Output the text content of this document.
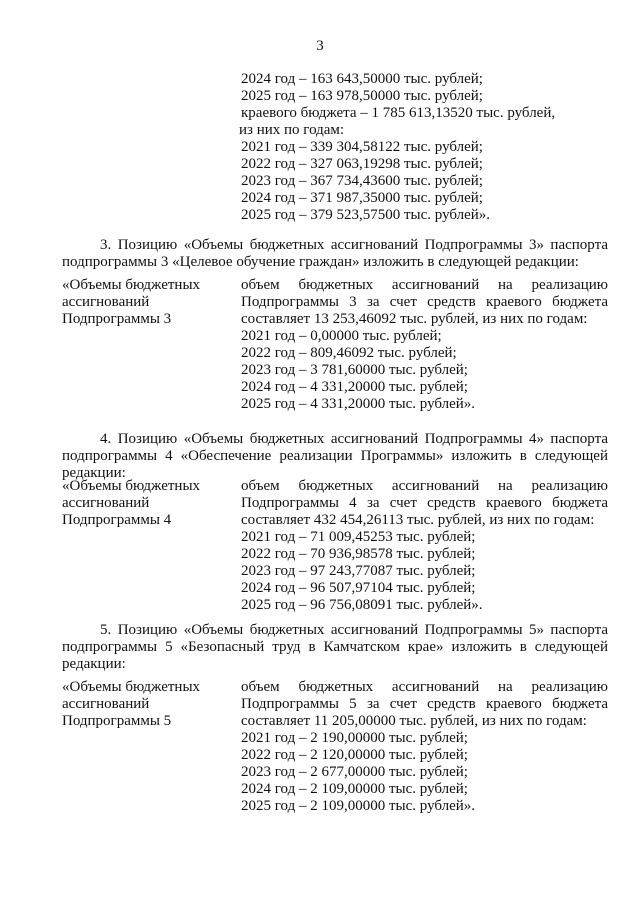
3
2024 год – 163 643,50000 тыс. рублей;
2025 год – 163 978,50000 тыс. рублей;
краевого бюджета – 1 785 613,13520 тыс. рублей,
из них по годам:
2021 год – 339 304,58122 тыс. рублей;
2022 год – 327 063,19298 тыс. рублей;
2023 год – 367 734,43600 тыс. рублей;
2024 год – 371 987,35000 тыс. рублей;
2025 год – 379 523,57500 тыс. рублей».
3. Позицию «Объемы бюджетных ассигнований Подпрограммы 3» паспорта
подпрограммы 3 «Целевое обучение граждан» изложить в следующей редакции:
«Объемы бюджетных
ассигнований
Подпрограммы 3
объем бюджетных ассигнований на реализацию
Подпрограммы 3 за счет средств краевого бюджета
составляет 13 253,46092 тыс. рублей, из них по годам:
2021 год – 0,00000 тыс. рублей;
2022 год – 809,46092 тыс. рублей;
2023 год – 3 781,60000 тыс. рублей;
2024 год – 4 331,20000 тыс. рублей;
2025 год – 4 331,20000 тыс. рублей».
4. Позицию «Объемы бюджетных ассигнований Подпрограммы 4» паспорта
подпрограммы 4 «Обеспечение реализации Программы» изложить в следующей
редакции:
«Объемы бюджетных
ассигнований
Подпрограммы 4
объем бюджетных ассигнований на реализацию
Подпрограммы 4 за счет средств краевого бюджета
составляет 432 454,26113 тыс. рублей, из них по годам:
2021 год – 71 009,45253 тыс. рублей;
2022 год – 70 936,98578 тыс. рублей;
2023 год – 97 243,77087 тыс. рублей;
2024 год – 96 507,97104 тыс. рублей;
2025 год – 96 756,08091 тыс. рублей».
5. Позицию «Объемы бюджетных ассигнований Подпрограммы 5» паспорта
подпрограммы 5 «Безопасный труд в Камчатском крае» изложить в следующей
редакции:
«Объемы бюджетных
ассигнований
Подпрограммы 5
объем бюджетных ассигнований на реализацию
Подпрограммы 5 за счет средств краевого бюджета
составляет 11 205,00000 тыс. рублей, из них по годам:
2021 год – 2 190,00000 тыс. рублей;
2022 год – 2 120,00000 тыс. рублей;
2023 год – 2 677,00000 тыс. рублей;
2024 год – 2 109,00000 тыс. рублей;
2025 год – 2 109,00000 тыс. рублей».
